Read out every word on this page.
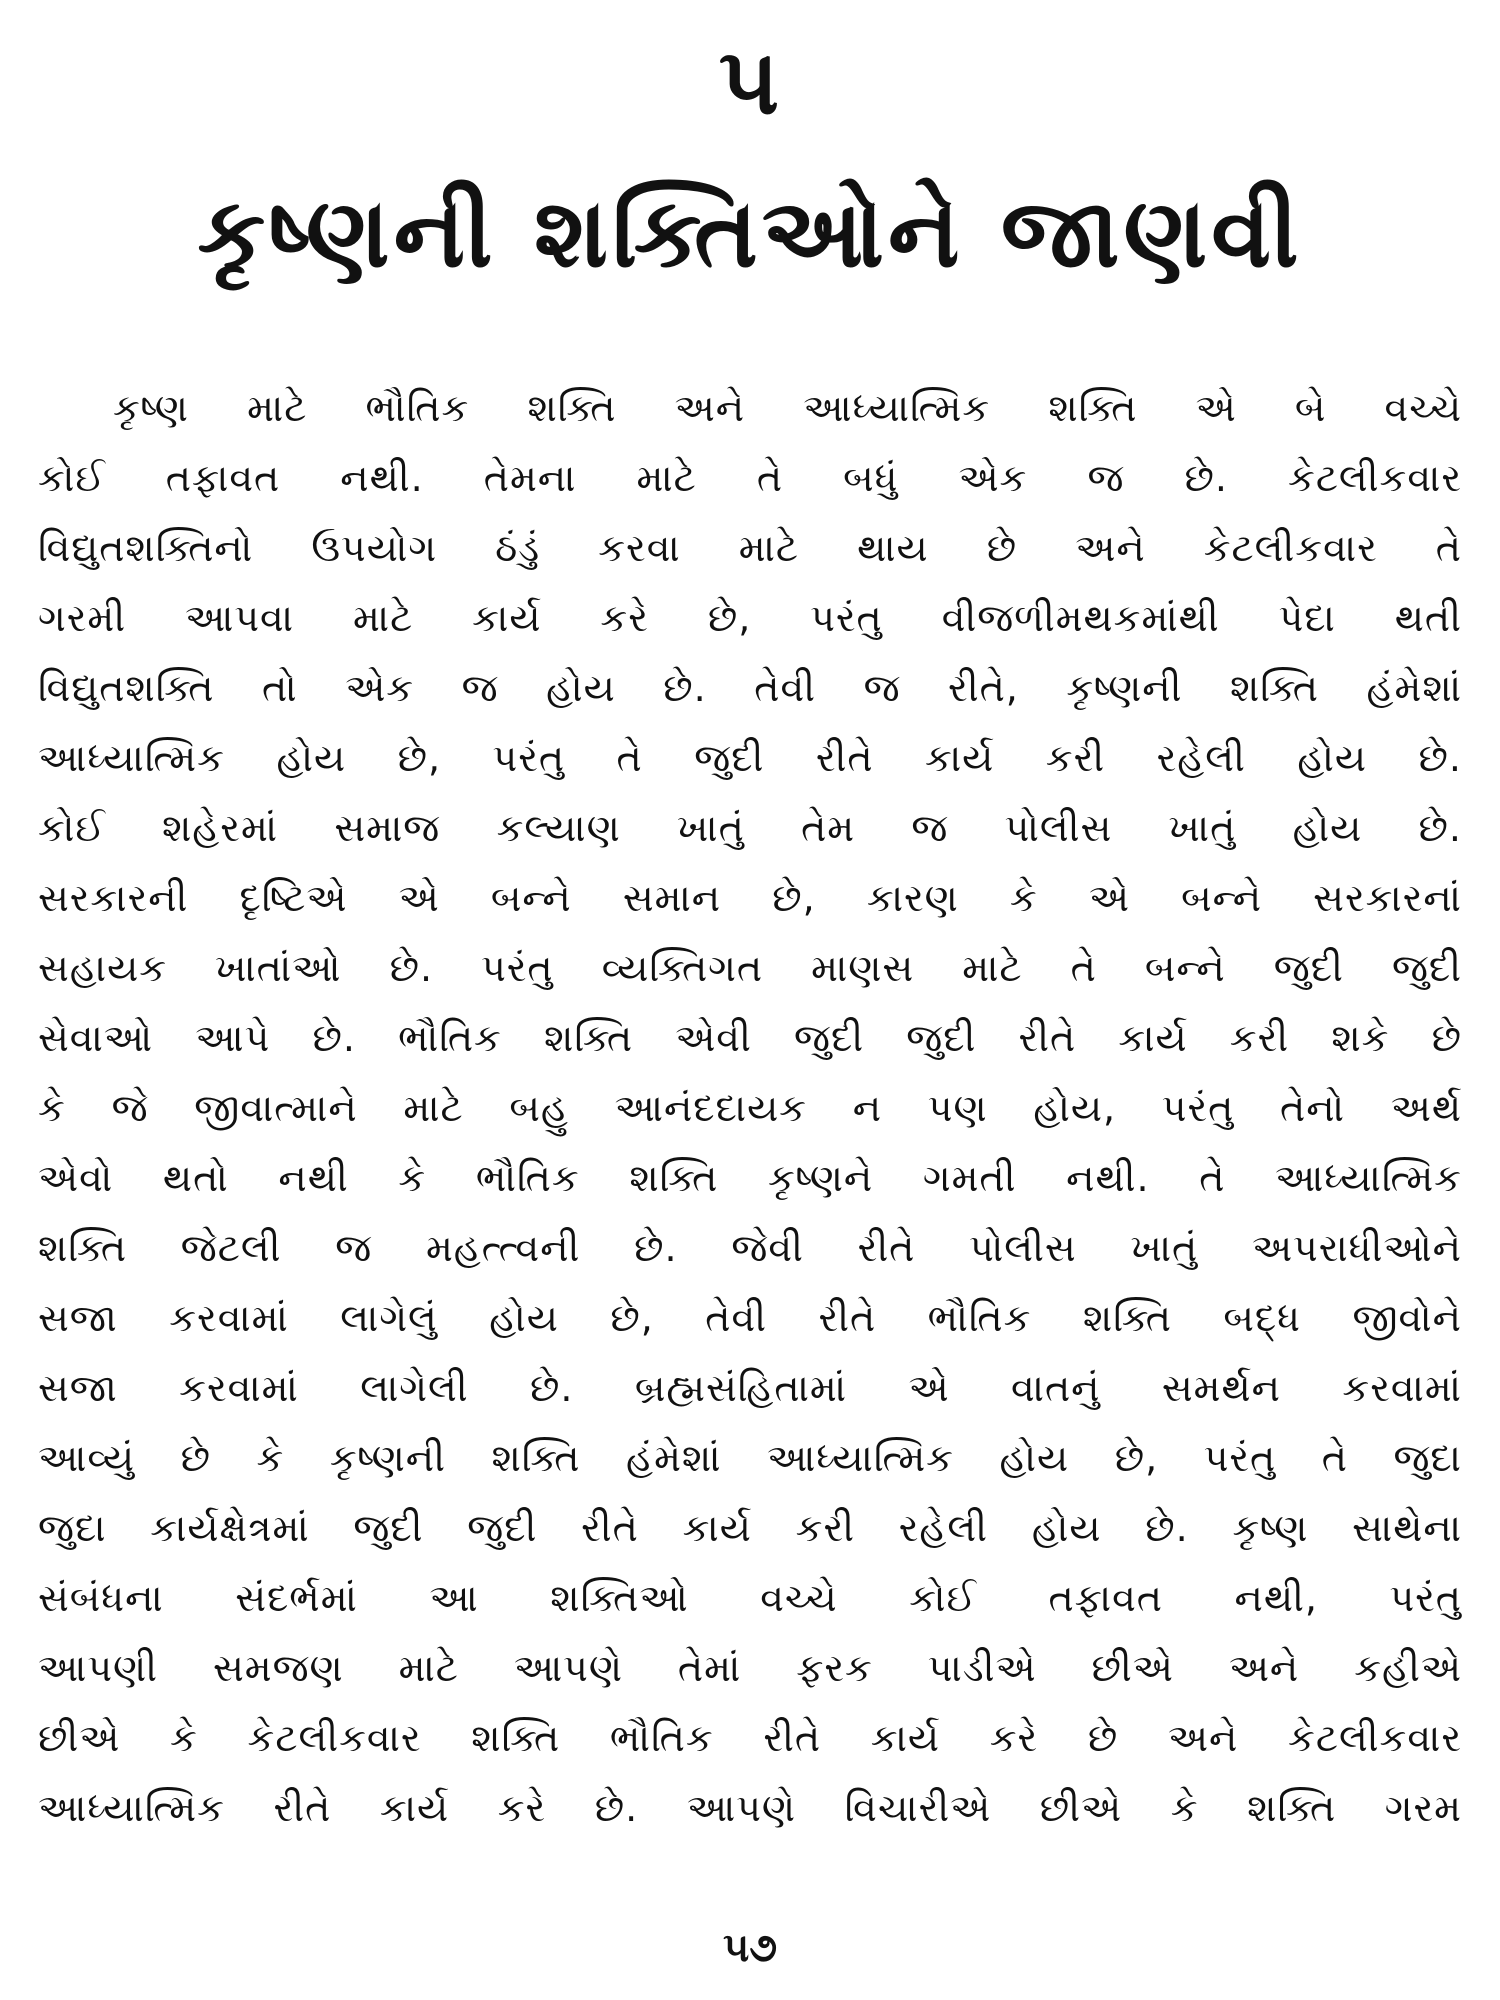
૫
કૃષ્ણની શક્તિઓને જાણવી
કૃષ્ણ માટે ભૌતિક શક્તિ અને આધ્યાત્મિક શક્તિ એ બે વચ્ચે
કોઈ તફાવત નથી. તેમના માટે તે બધું એક જ છે. કેટલીકવાર
વિદ્યુતશક્તિનો ઉપયોગ ઠંડું કરવા માટે થાય છે અને કેટલીકવાર તે
ગરમી આપવા માટે કાર્ય કરે છે, પરંતુ વીજળીમથકમાંથી પેદા થતી
વિદ્યુતશક્તિ તો એક જ હોય છે. તેવી જ રીતે, કૃષ્ણની શક્તિ હંમેશાં
આધ્યાત્મિક હોય છે, પરંતુ તે જુદી રીતે કાર્ય કરી રહેલી હોય છે.
કોઈ શહેરમાં સમાજ કલ્યાણ ખાતું તેમ જ પોલીસ ખાતું હોય છે.
સરકારની દૃષ્ટિએ એ બન્ને સમાન છે, કારણ કે એ બન્ને સરકારનાં
સહાયક ખાતાંઓ છે. પરંતુ વ્યક્તિગત માણસ માટે તે બન્ને જુદી જુદી
સેવાઓ આપે છે. ભૌતિક શક્તિ એવી જુદી જુદી રીતે કાર્ય કરી શકે છે
કે જે જીવાત્માને માટે બહુ આનંદદાયક ન પણ હોય, પરંતુ તેનો અર્થ
એવો થતો નથી કે ભૌતિક શક્તિ કૃષ્ણને ગમતી નથી. તે આધ્યાત્મિક
શક્તિ જેટલી જ મહત્ત્વની છે. જેવી રીતે પોલીસ ખાતું અપરાધીઓને
સજા કરવામાં લાગેલું હોય છે, તેવી રીતે ભૌતિક શક્તિ બદ્ધ જીવોને
સજા કરવામાં લાગેલી છે. બ્રહ્મસંહિતામાં એ વાતનું સમર્થન કરવામાં
આવ્યું છે કે કૃષ્ણની શક્તિ હંમેશાં આધ્યાત્મિક હોય છે, પરંતુ તે જુદા
જુદા કાર્યક્ષેત્રમાં જુદી જુદી રીતે કાર્ય કરી રહેલી હોય છે. કૃષ્ણ સાથેના
સંબંધના સંદર્ભમાં આ શક્તિઓ વચ્ચે કોઈ તફાવત નથી, પરંતુ
આપણી સમજણ માટે આપણે તેમાં ફરક પાડીએ છીએ અને કહીએ
છીએ કે કેટલીકવાર શક્તિ ભૌતિક રીતે કાર્ય કરે છે અને કેટલીકવાર
આધ્યાત્મિક રીતે કાર્ય કરે છે. આપણે વિચારીએ છીએ કે શક્તિ ગરમ
૫૭
